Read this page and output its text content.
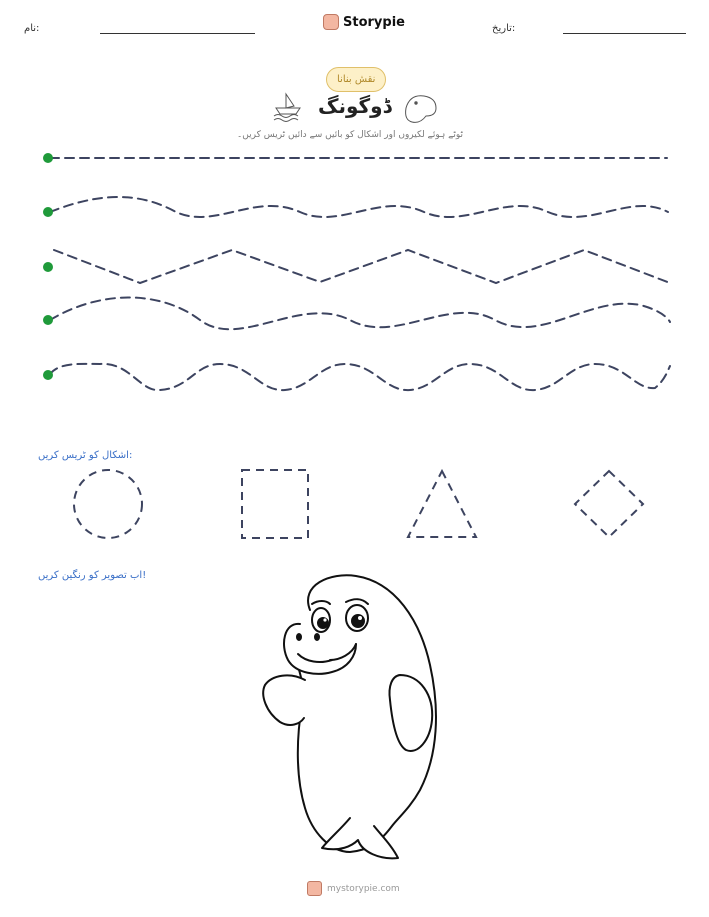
نام:	Storypie	تاریخ:
نقش بنانا
ڈوگونگ
ٹوٹے ہوئے لکیروں اور اشکال کو بائیں سے دائیں ٹریس کریں۔
اشکال کو ٹریس کریں:
اب تصویر کو رنگین کریں!
mystorypie.com
